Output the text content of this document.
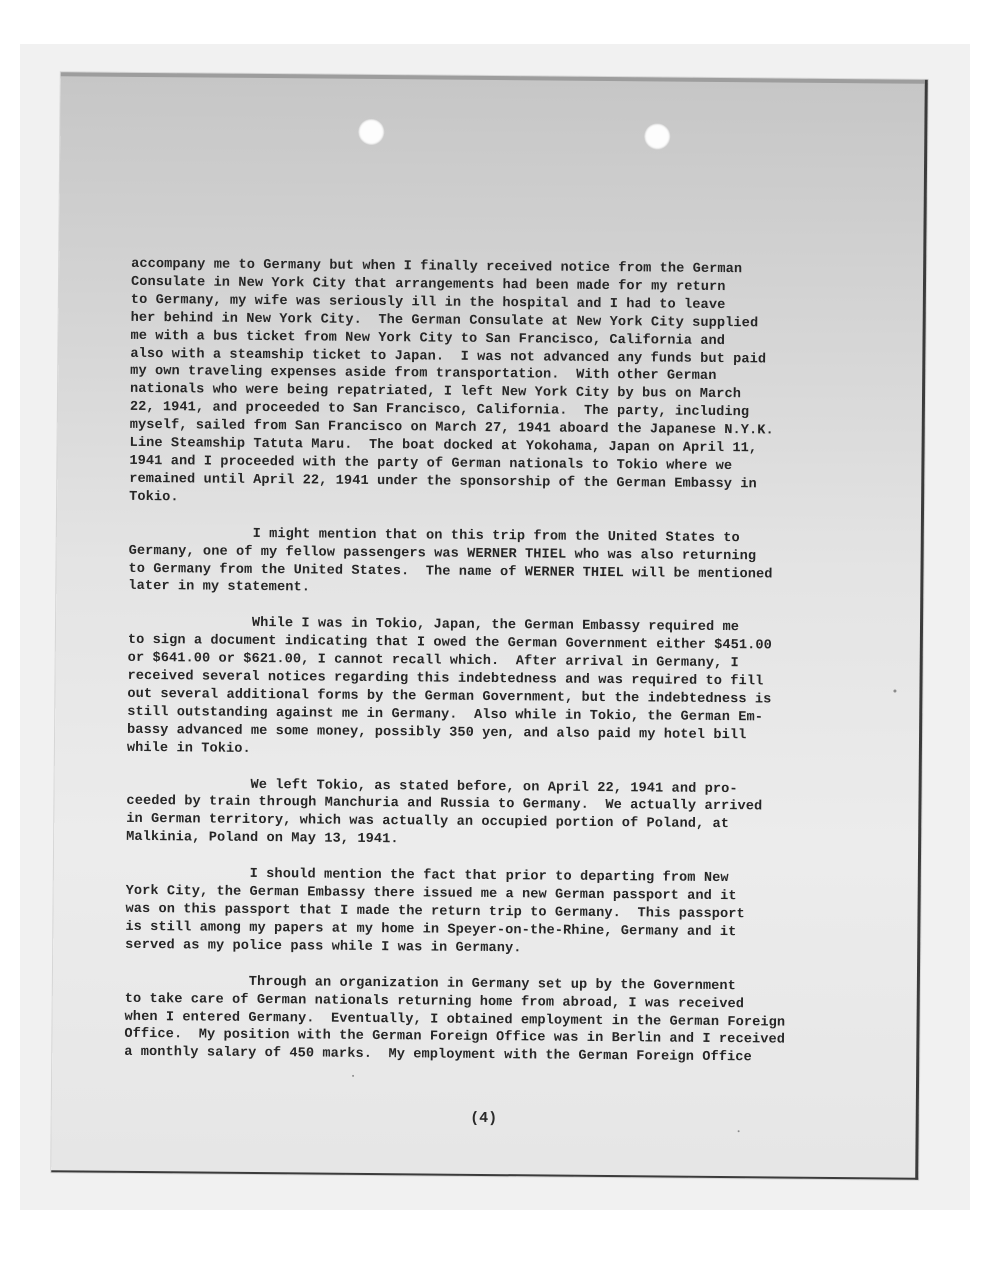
accompany me to Germany but when I finally received notice from the German
Consulate in New York City that arrangements had been made for my return
to Germany, my wife was seriously ill in the hospital and I had to leave
her behind in New York City.  The German Consulate at New York City supplied
me with a bus ticket from New York City to San Francisco, California and
also with a steamship ticket to Japan.  I was not advanced any funds but paid
my own traveling expenses aside from transportation.  With other German
nationals who were being repatriated, I left New York City by bus on March
22, 1941, and proceeded to San Francisco, California.  The party, including
myself, sailed from San Francisco on March 27, 1941 aboard the Japanese N.Y.K.
Line Steamship Tatuta Maru.  The boat docked at Yokohama, Japan on April 11,
1941 and I proceeded with the party of German nationals to Tokio where we
remained until April 22, 1941 under the sponsorship of the German Embassy in
Tokio.
I might mention that on this trip from the United States to
Germany, one of my fellow passengers was WERNER THIEL who was also returning
to Germany from the United States.  The name of WERNER THIEL will be mentioned
later in my statement.
While I was in Tokio, Japan, the German Embassy required me
to sign a document indicating that I owed the German Government either $451.00
or $641.00 or $621.00, I cannot recall which.  After arrival in Germany, I
received several notices regarding this indebtedness and was required to fill
out several additional forms by the German Government, but the indebtedness is
still outstanding against me in Germany.  Also while in Tokio, the German Em-
bassy advanced me some money, possibly 350 yen, and also paid my hotel bill
while in Tokio.
We left Tokio, as stated before, on April 22, 1941 and pro-
ceeded by train through Manchuria and Russia to Germany.  We actually arrived
in German territory, which was actually an occupied portion of Poland, at
Malkinia, Poland on May 13, 1941.
I should mention the fact that prior to departing from New
York City, the German Embassy there issued me a new German passport and it
was on this passport that I made the return trip to Germany.  This passport
is still among my papers at my home in Speyer-on-the-Rhine, Germany and it
served as my police pass while I was in Germany.
Through an organization in Germany set up by the Government
to take care of German nationals returning home from abroad, I was received
when I entered Germany.  Eventually, I obtained employment in the German Foreign
Office.  My position with the German Foreign Office was in Berlin and I received
a monthly salary of 450 marks.  My employment with the German Foreign Office
(4)
